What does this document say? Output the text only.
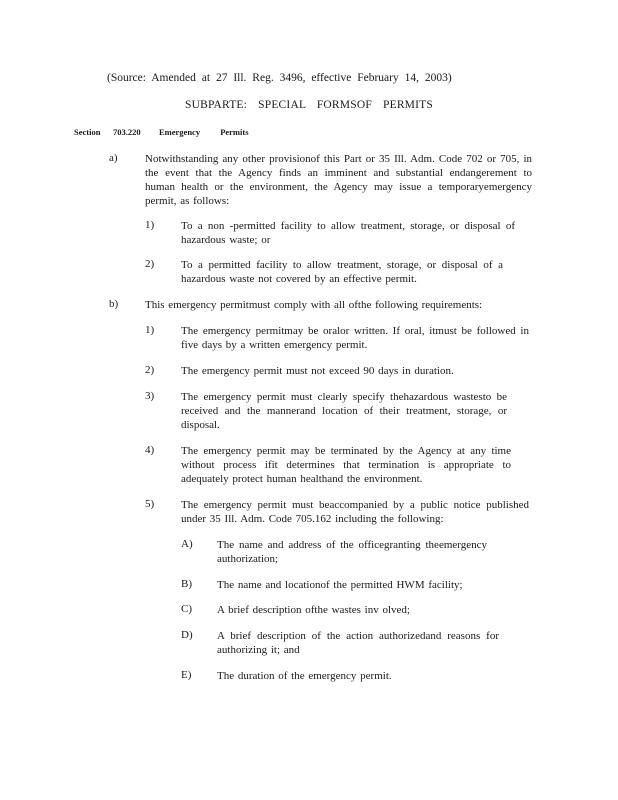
(Source: Amended at 27 Ill. Reg. 3496, effective February 14, 2003)
SUBPARTE: SPECIAL FORMSOF PERMITS
Section 703.220 Emergency Permits
a) Notwithstanding any other provisionof this Part or 35 Ill. Adm. Code 702 or 705, in the event that the Agency finds an imminent and substantial endangerement to human health or the environment, the Agency may issue a temporaryemergency permit, as follows:
1) To a non -permitted facility to allow treatment, storage, or disposal of hazardous waste; or
2) To a permitted facility to allow treatment, storage, or disposal of a hazardous waste not covered by an effective permit.
b) This emergency permitmust comply with all ofthe following requirements:
1) The emergency permitmay be oralor written. If oral, itmust be followed in five days by a written emergency permit.
2) The emergency permit must not exceed 90 days in duration.
3) The emergency permit must clearly specify thehazardous wastesto be received and the mannerand location of their treatment, storage, or disposal.
4) The emergency permit may be terminated by the Agency at any time without process ifit determines that termination is appropriate to adequately protect human healthand the environment.
5) The emergency permit must beaccompanied by a public notice published under 35 Ill. Adm. Code 705.162 including the following:
A) The name and address of the officegranting theemergency authorization;
B) The name and locationof the permitted HWM facility;
C) A brief description ofthe wastes inv olved;
D) A brief description of the action authorizedand reasons for authorizing it; and
E) The duration of the emergency permit.
